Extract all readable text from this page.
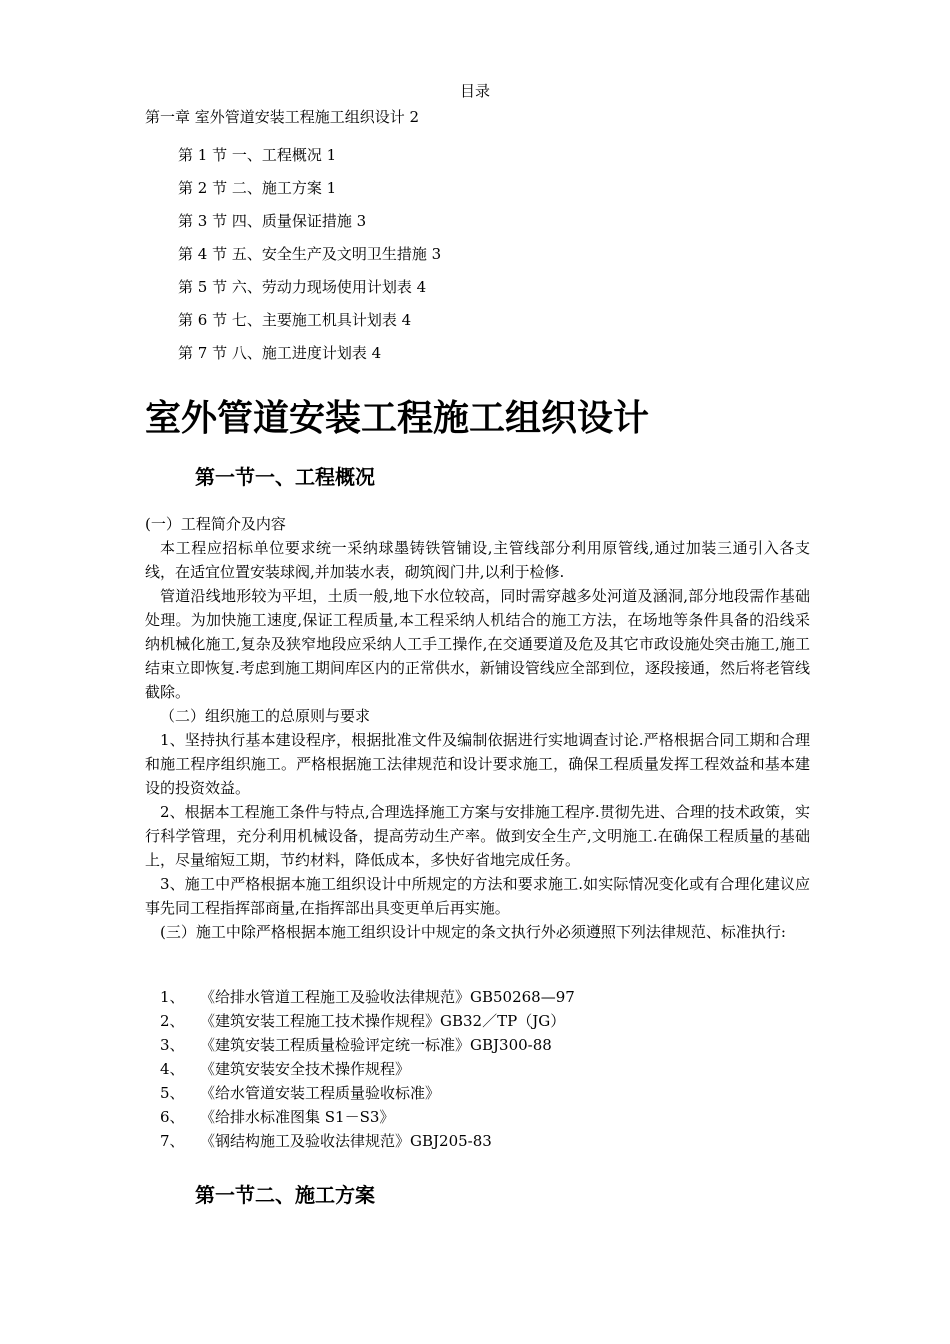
目录
第一章 室外管道安装工程施工组织设计 2
第 1 节 一、工程概况 1
第 2 节 二、施工方案 1
第 3 节 四、质量保证措施 3
第 4 节 五、安全生产及文明卫生措施 3
第 5 节 六、劳动力现场使用计划表 4
第 6 节 七、主要施工机具计划表 4
第 7 节 八、施工进度计划表 4
室外管道安装工程施工组织设计
第一节一、工程概况

(一）工程简介及内容

本工程应招标单位要求统一采纳球墨铸铁管铺设,主管线部分利用原管线,通过加装三通引入各支线，在适宜位置安装球阀,并加装水表，砌筑阀门井,以利于检修.

管道沿线地形较为平坦，土质一般,地下水位较高，同时需穿越多处河道及涵洞,部分地段需作基础处理。为加快施工速度,保证工程质量,本工程采纳人机结合的施工方法，在场地等条件具备的沿线采纳机械化施工,复杂及狭窄地段应采纳人工手工操作,在交通要道及危及其它市政设施处突击施工,施工结束立即恢复.考虑到施工期间库区内的正常供水，新铺设管线应全部到位，逐段接通，然后将老管线截除。

（二）组织施工的总原则与要求

1、坚持执行基本建设程序，根据批准文件及编制依据进行实地调查讨论.严格根据合同工期和合理和施工程序组织施工。严格根据施工法律规范和设计要求施工，确保工程质量发挥工程效益和基本建设的投资效益。

2、根据本工程施工条件与特点,合理选择施工方案与安排施工程序.贯彻先进、合理的技术政策，实行科学管理，充分利用机械设备，提高劳动生产率。做到安全生产,文明施工.在确保工程质量的基础上，尽量缩短工期，节约材料，降低成本，多快好省地完成任务。

3、施工中严格根据本施工组织设计中所规定的方法和要求施工.如实际情况变化或有合理化建议应事先同工程指挥部商量,在指挥部出具变更单后再实施。

(三）施工中除严格根据本施工组织设计中规定的条文执行外必须遵照下列法律规范、标准执行:

1、 《给排水管道工程施工及验收法律规范》GB50268—97
2、 《建筑安装工程施工技术操作规程》GB32／TP（JG）
3、 《建筑安装工程质量检验评定统一标准》GBJ300-88
4、 《建筑安装安全技术操作规程》
5、 《给水管道安装工程质量验收标准》
6、 《给排水标准图集 S1－S3》
7、 《钢结构施工及验收法律规范》GBJ205-83
第一节二、施工方案
